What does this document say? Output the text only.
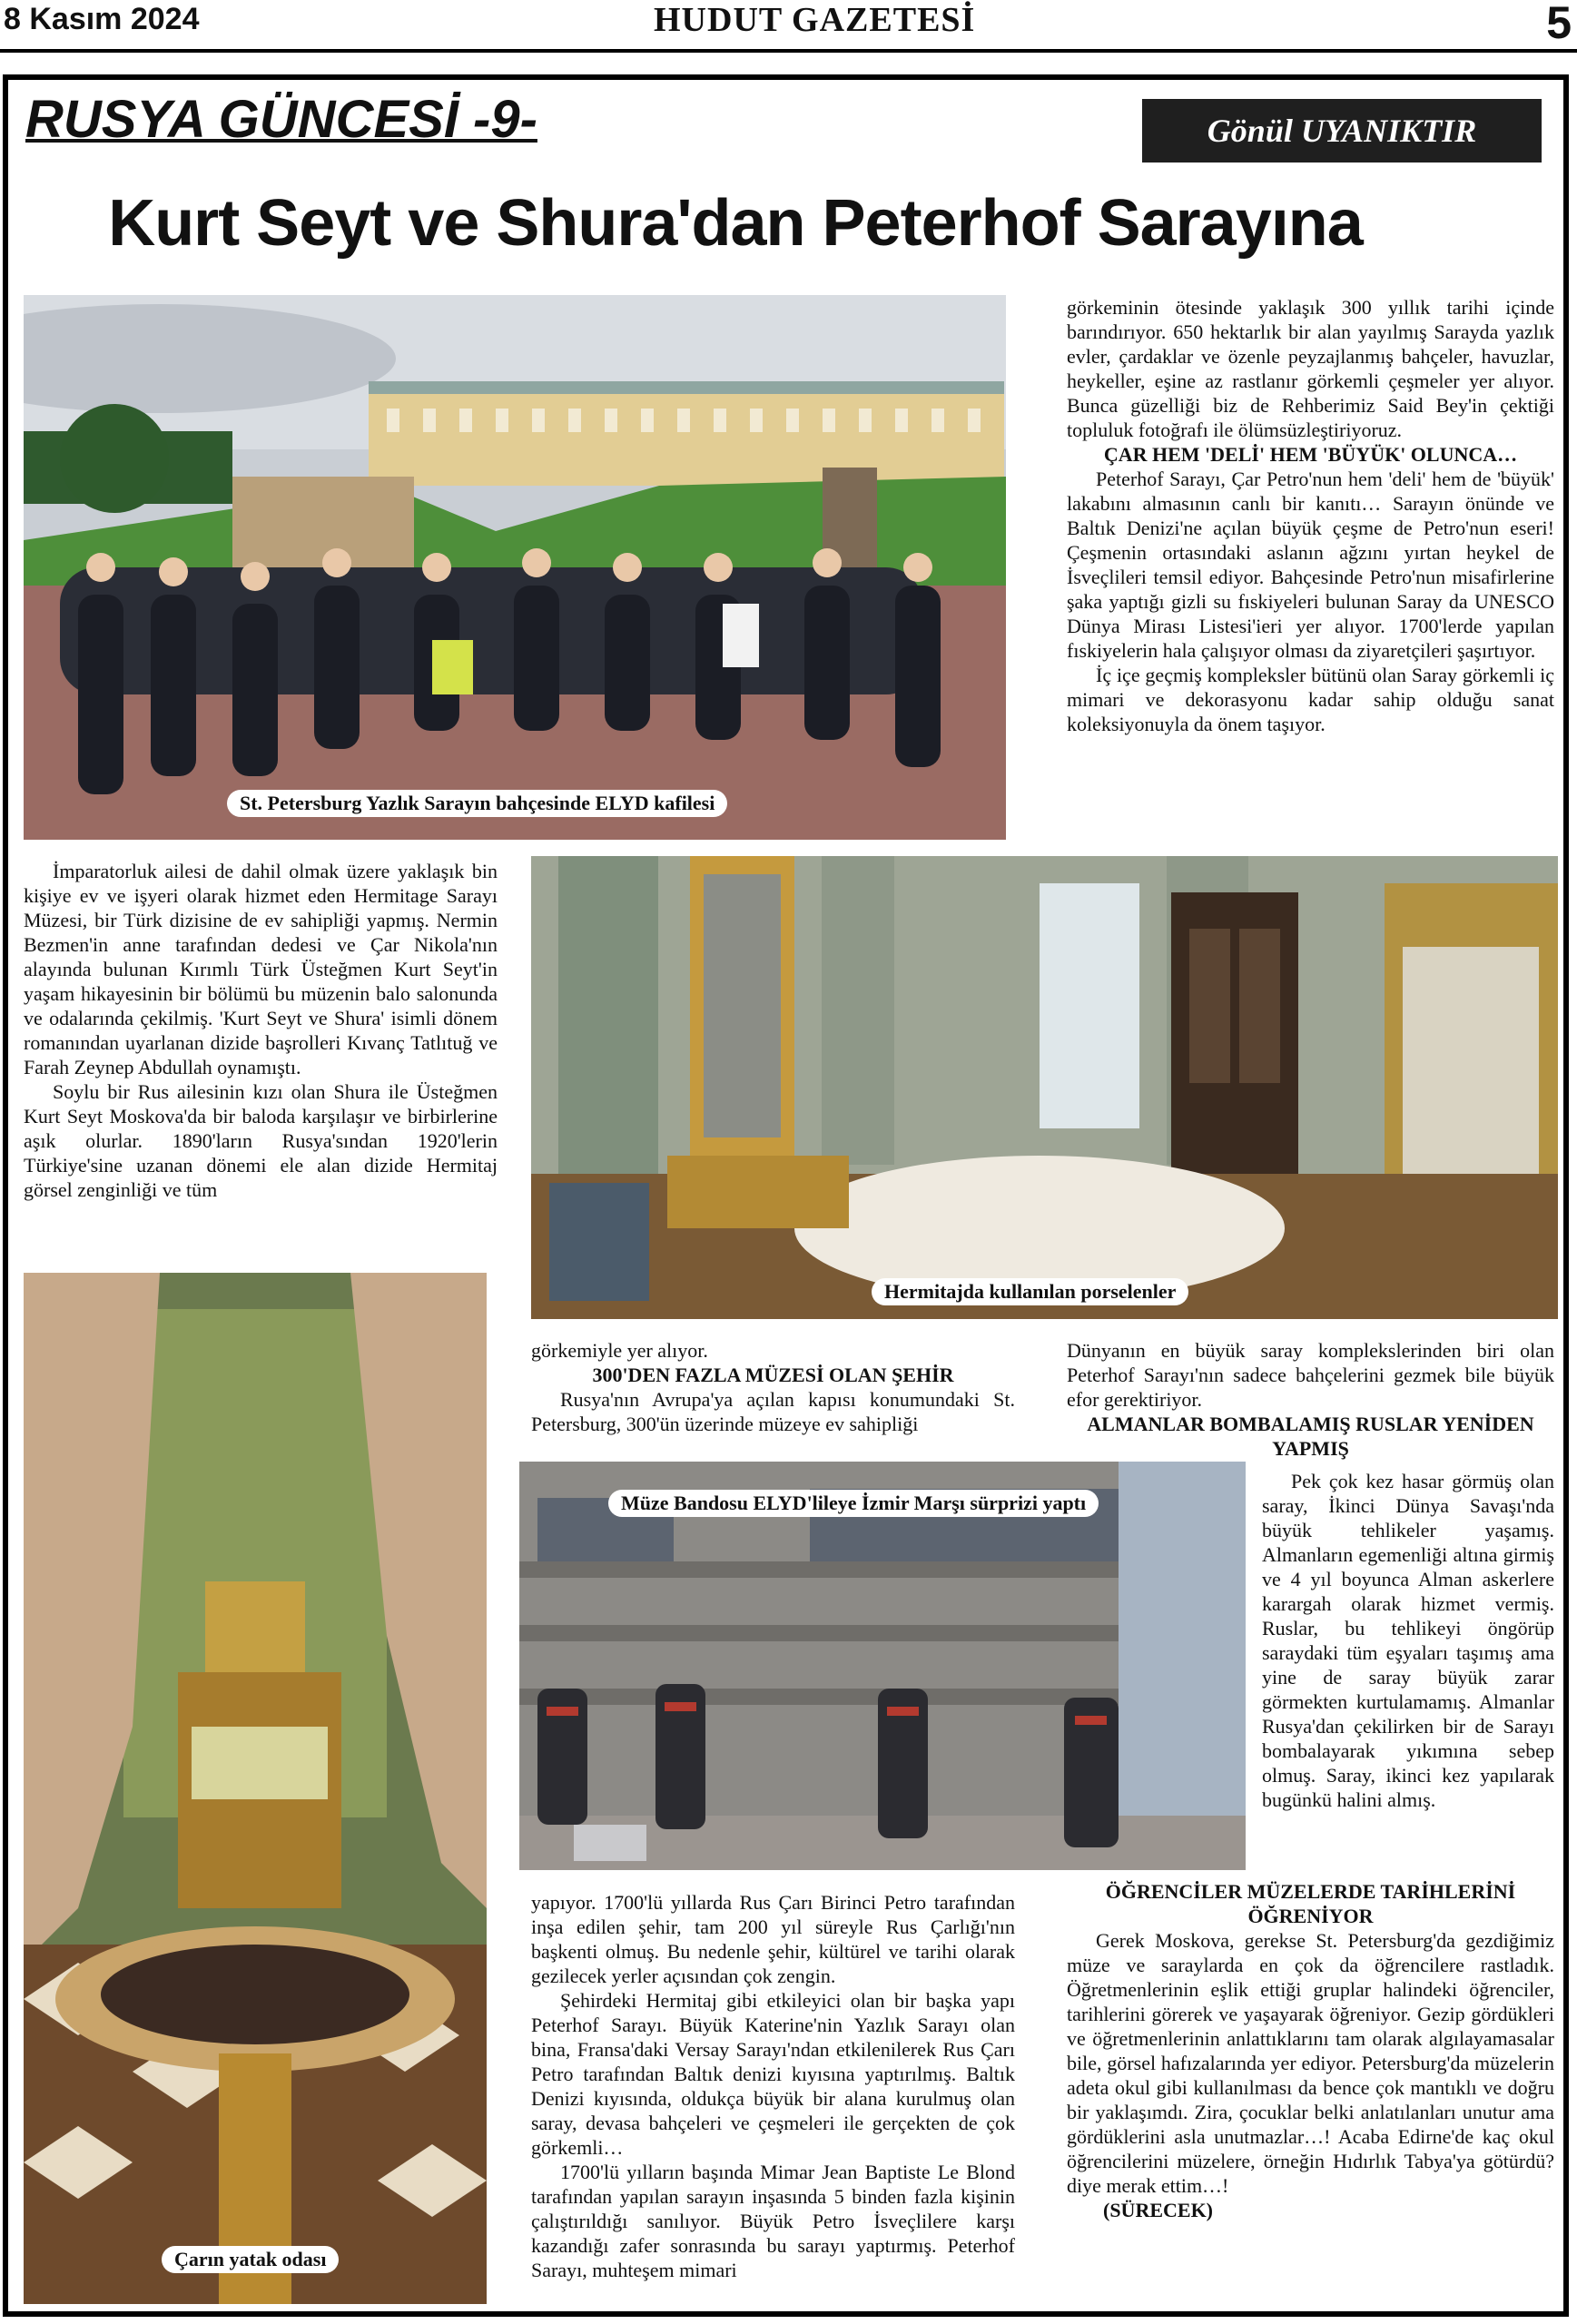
8 Kasım 2024	HUDUT GAZETESİ	5
RUSYA GÜNCESİ -9-	Gönül UYANIKTIR
Kurt Seyt ve Shura'dan Peterhof Sarayına
St. Petersburg Yazlık Sarayın bahçesinde ELYD kafilesi

görkeminin ötesinde yaklaşık 300 yıllık tarihi içinde barındırıyor. 650 hektarlık bir alan yayılmış Sarayda yazlık evler, çardaklar ve özenle peyzajlanmış bahçeler, havuzlar, heykeller, eşine az rastlanır görkemli çeşmeler yer alıyor. Bunca güzelliği biz de Rehberimiz Said Bey'in çektiği topluluk fotoğrafı ile ölümsüzleştiriyoruz.

ÇAR HEM 'DELİ' HEM 'BÜYÜK' OLUNCA…

Peterhof Sarayı, Çar Petro'nun hem 'deli' hem de 'büyük' lakabını almasının canlı bir kanıtı… Sarayın önünde ve Baltık Denizi'ne açılan büyük çeşme de Petro'nun eseri! Çeşmenin ortasındaki aslanın ağzını yırtan heykel de İsveçlileri temsil ediyor. Bahçesinde Petro'nun misafirlerine şaka yaptığı gizli su fıskiyeleri bulunan Saray da UNESCO Dünya Mirası Listesi'ieri yer alıyor. 1700'lerde yapılan fıskiyelerin hala çalışıyor olması da ziyaretçileri şaşırtıyor.

İç içe geçmiş kompleksler bütünü olan Saray görkemli iç mimari ve dekorasyonu kadar sahip olduğu sanat koleksiyonuyla da önem taşıyor.

İmparatorluk ailesi de dahil olmak üzere yaklaşık bin kişiye ev ve işyeri olarak hizmet eden Hermitage Sarayı Müzesi, bir Türk dizisine de ev sahipliği yapmış. Nermin Bezmen'in anne tarafından dedesi ve Çar Nikola'nın alayında bulunan Kırımlı Türk Üsteğmen Kurt Seyt'in yaşam hikayesinin bir bölümü bu müzenin balo salonunda ve odalarında çekilmiş. 'Kurt Seyt ve Shura' isimli dönem romanından uyarlanan dizide başrolleri Kıvanç Tatlıtuğ ve Farah Zeynep Abdullah oynamıştı.

Soylu bir Rus ailesinin kızı olan Shura ile Üsteğmen Kurt Seyt Moskova'da bir baloda karşılaşır ve birbirlerine aşık olurlar. 1890'ların Rusya'sından 1920'lerin Türkiye'sine uzanan dönemi ele alan dizide Hermitaj görsel zenginliği ve tüm

Hermitajda kullanılan porselenler
Çarın yatak odası

görkemiyle yer alıyor.

300'DEN FAZLA MÜZESİ OLAN ŞEHİR

Rusya'nın Avrupa'ya açılan kapısı konumundaki St. Petersburg, 300'ün üzerinde müzeye ev sahipliği

Dünyanın en büyük saray komplekslerinden biri olan Peterhof Sarayı'nın sadece bahçelerini gezmek bile büyük efor gerektiriyor.

ALMANLAR BOMBALAMIŞ RUSLAR YENİDEN YAPMIŞ

Müze Bandosu ELYD'lileye İzmir Marşı sürprizi yaptı

Pek çok kez hasar görmüş olan saray, İkinci Dünya Savaşı'nda büyük tehlikeler yaşamış. Almanların egemenliği altına girmiş ve 4 yıl boyunca Alman askerlere karargah olarak hizmet vermiş. Ruslar, bu tehlikeyi öngörüp saraydaki tüm eşyaları taşımış ama yine de saray büyük zarar görmekten kurtulamamış. Almanlar Rusya'dan çekilirken bir de Sarayı bombalayarak yıkımına sebep olmuş. Saray, ikinci kez yapılarak bugünkü halini almış.

yapıyor. 1700'lü yıllarda Rus Çarı Birinci Petro tarafından inşa edilen şehir, tam 200 yıl süreyle Rus Çarlığı'nın başkenti olmuş. Bu nedenle şehir, kültürel ve tarihi olarak gezilecek yerler açısından çok zengin.

Şehirdeki Hermitaj gibi etkileyici olan bir başka yapı Peterhof Sarayı. Büyük Katerine'nin Yazlık Sarayı olan bina, Fransa'daki Versay Sarayı'ndan etkilenilerek Rus Çarı Petro tarafından Baltık denizi kıyısına yaptırılmış. Baltık Denizi kıyısında, oldukça büyük bir alana kurulmuş olan saray, devasa bahçeleri ve çeşmeleri ile gerçekten de çok görkemli…

1700'lü yılların başında Mimar Jean Baptiste Le Blond tarafından yapılan sarayın inşasında 5 binden fazla kişinin çalıştırıldığı sanılıyor. Büyük Petro İsveçlilere karşı kazandığı zafer sonrasında bu sarayı yaptırmış. Peterhof Sarayı, muhteşem mimari

ÖĞRENCİLER MÜZELERDE TARİHLERİNİ ÖĞRENİYOR

Gerek Moskova, gerekse St. Petersburg'da gezdiğimiz müze ve saraylarda en çok da öğrencilere rastladık. Öğretmenlerinin eşlik ettiği gruplar halindeki öğrenciler, tarihlerini görerek ve yaşayarak öğreniyor. Gezip gördükleri ve öğretmenlerinin anlattıklarını tam olarak algılayamasalar bile, görsel hafızalarında yer ediyor. Petersburg'da müzelerin adeta okul gibi kullanılması da bence çok mantıklı ve doğru bir yaklaşımdı. Zira, çocuklar belki anlatılanları unutur ama gördüklerini asla unutmazlar…! Acaba Edirne'de kaç okul öğrencilerini müzelere, örneğin Hıdırlık Tabya'ya götürdü? diye merak ettim…!

(SÜRECEK)
